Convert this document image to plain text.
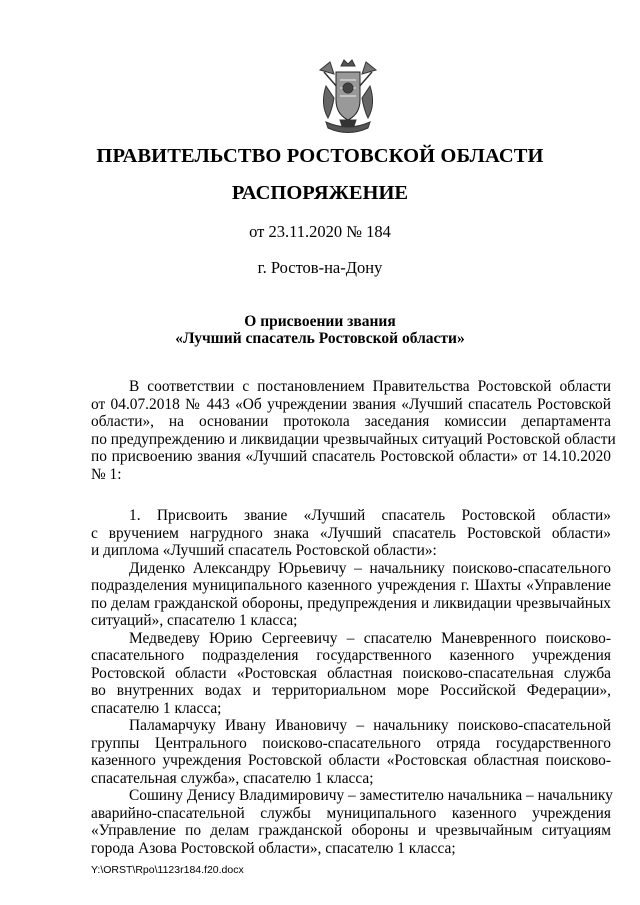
ПРАВИТЕЛЬСТВО РОСТОВСКОЙ ОБЛАСТИ
РАСПОРЯЖЕНИЕ
от 23.11.2020 № 184
г. Ростов-на-Дону
О присвоении звания
«Лучший спасатель Ростовской области»
В соответствии с постановлением Правительства Ростовской области
от 04.07.2018 № 443 «Об учреждении звания «Лучший спасатель Ростовской
области», на основании протокола заседания комиссии департамента
по предупреждению и ликвидации чрезвычайных ситуаций Ростовской области
по присвоению звания «Лучший спасатель Ростовской области» от 14.10.2020
№ 1:
1. Присвоить звание «Лучший спасатель Ростовской области»
с вручением нагрудного знака «Лучший спасатель Ростовской области»
и диплома «Лучший спасатель Ростовской области»:
Диденко Александру Юрьевичу – начальнику поисково-спасательного
подразделения муниципального казенного учреждения г. Шахты «Управление
по делам гражданской обороны, предупреждения и ликвидации чрезвычайных
ситуаций», спасателю 1 класса;
Медведеву Юрию Сергеевичу – спасателю Маневренного поисково-
спасательного подразделения государственного казенного учреждения
Ростовской области «Ростовская областная поисково-спасательная служба
во внутренних водах и территориальном море Российской Федерации»,
спасателю 1 класса;
Паламарчуку Ивану Ивановичу – начальнику поисково-спасательной
группы Центрального поисково-спасательного отряда государственного
казенного учреждения Ростовской области «Ростовская областная поисково-
спасательная служба», спасателю 1 класса;
Сошину Денису Владимировичу – заместителю начальника – начальнику
аварийно-спасательной службы муниципального казенного учреждения
«Управление по делам гражданской обороны и чрезвычайным ситуациям
города Азова Ростовской области», спасателю 1 класса;
Y:\ORST\Rpo\1123r184.f20.docx
